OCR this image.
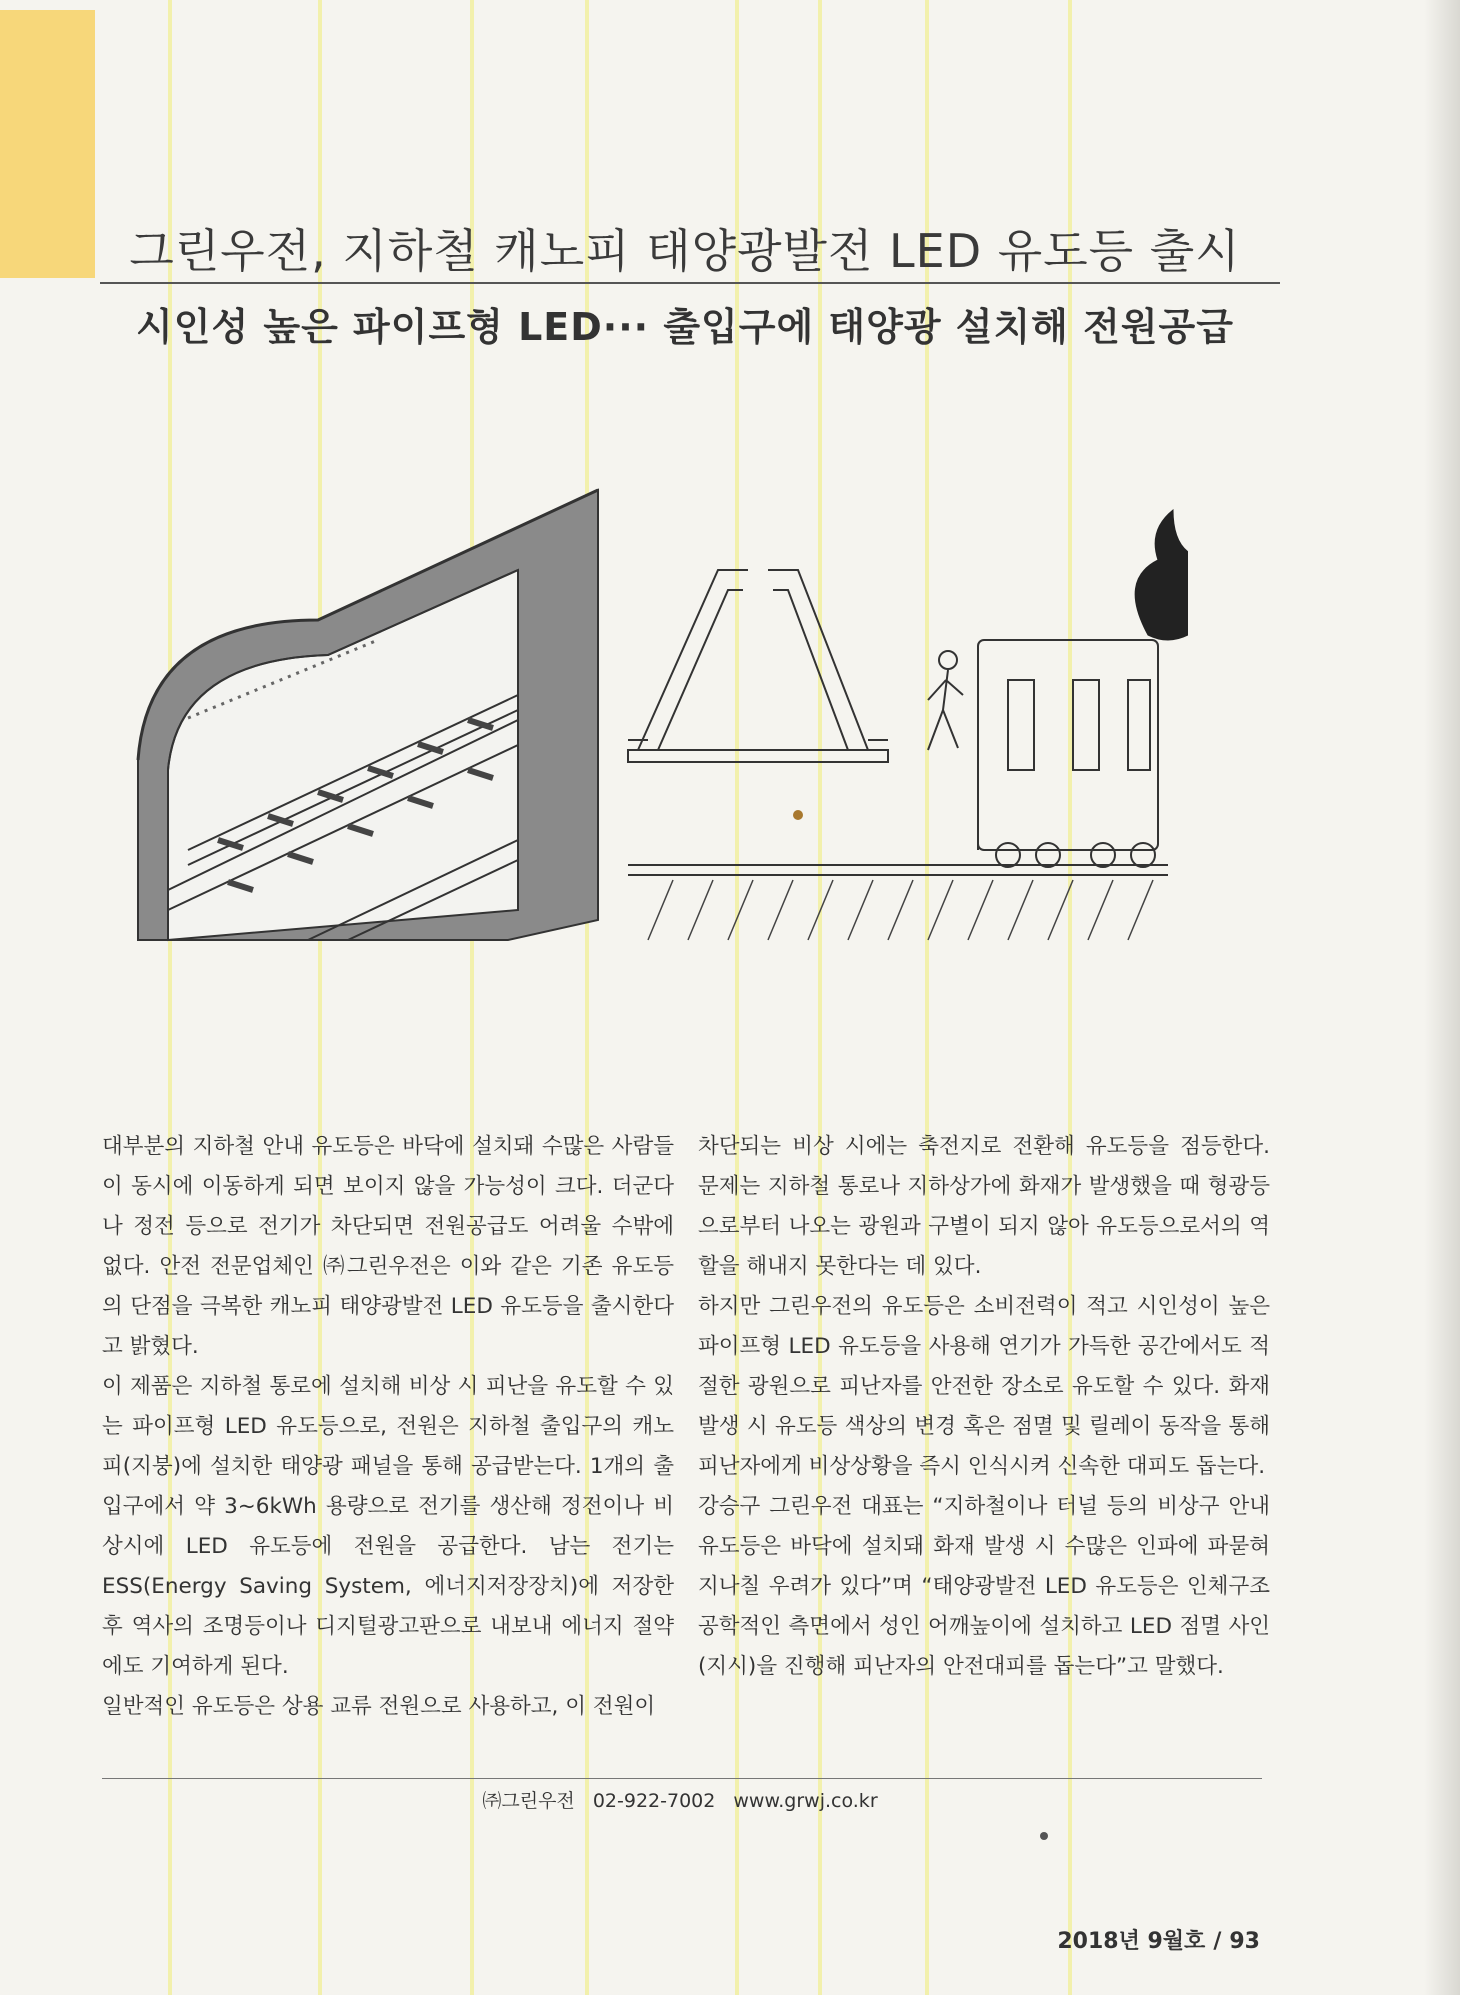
그린우전, 지하철 캐노피 태양광발전 LED 유도등 출시
시인성 높은 파이프형 LED··· 출입구에 태양광 설치해 전원공급

대부분의 지하철 안내 유도등은 바닥에 설치돼 수많은 사람들이 동시에 이동하게 되면 보이지 않을 가능성이 크다. 더군다나 정전 등으로 전기가 차단되면 전원공급도 어려울 수밖에 없다. 안전 전문업체인 ㈜그린우전은 이와 같은 기존 유도등의 단점을 극복한 캐노피 태양광발전 LED 유도등을 출시한다고 밝혔다.

이 제품은 지하철 통로에 설치해 비상 시 피난을 유도할 수 있는 파이프형 LED 유도등으로, 전원은 지하철 출입구의 캐노피(지붕)에 설치한 태양광 패널을 통해 공급받는다. 1개의 출입구에서 약 3~6kWh 용량으로 전기를 생산해 정전이나 비상시에 LED 유도등에 전원을 공급한다. 남는 전기는 ESS(Energy Saving System, 에너지저장장치)에 저장한 후 역사의 조명등이나 디지털광고판으로 내보내 에너지 절약에도 기여하게 된다.

일반적인 유도등은 상용 교류 전원으로 사용하고, 이 전원이

차단되는 비상 시에는 축전지로 전환해 유도등을 점등한다. 문제는 지하철 통로나 지하상가에 화재가 발생했을 때 형광등으로부터 나오는 광원과 구별이 되지 않아 유도등으로서의 역할을 해내지 못한다는 데 있다.

하지만 그린우전의 유도등은 소비전력이 적고 시인성이 높은 파이프형 LED 유도등을 사용해 연기가 가득한 공간에서도 적절한 광원으로 피난자를 안전한 장소로 유도할 수 있다. 화재 발생 시 유도등 색상의 변경 혹은 점멸 및 릴레이 동작을 통해 피난자에게 비상상황을 즉시 인식시켜 신속한 대피도 돕는다.

강승구 그린우전 대표는 “지하철이나 터널 등의 비상구 안내 유도등은 바닥에 설치돼 화재 발생 시 수많은 인파에 파묻혀 지나칠 우려가 있다”며 “태양광발전 LED 유도등은 인체구조 공학적인 측면에서 성인 어깨높이에 설치하고 LED 점멸 사인(지시)을 진행해 피난자의 안전대피를 돕는다”고 말했다.

㈜그린우전 02-922-7002 www.grwj.co.kr
2018년 9월호 / 93
